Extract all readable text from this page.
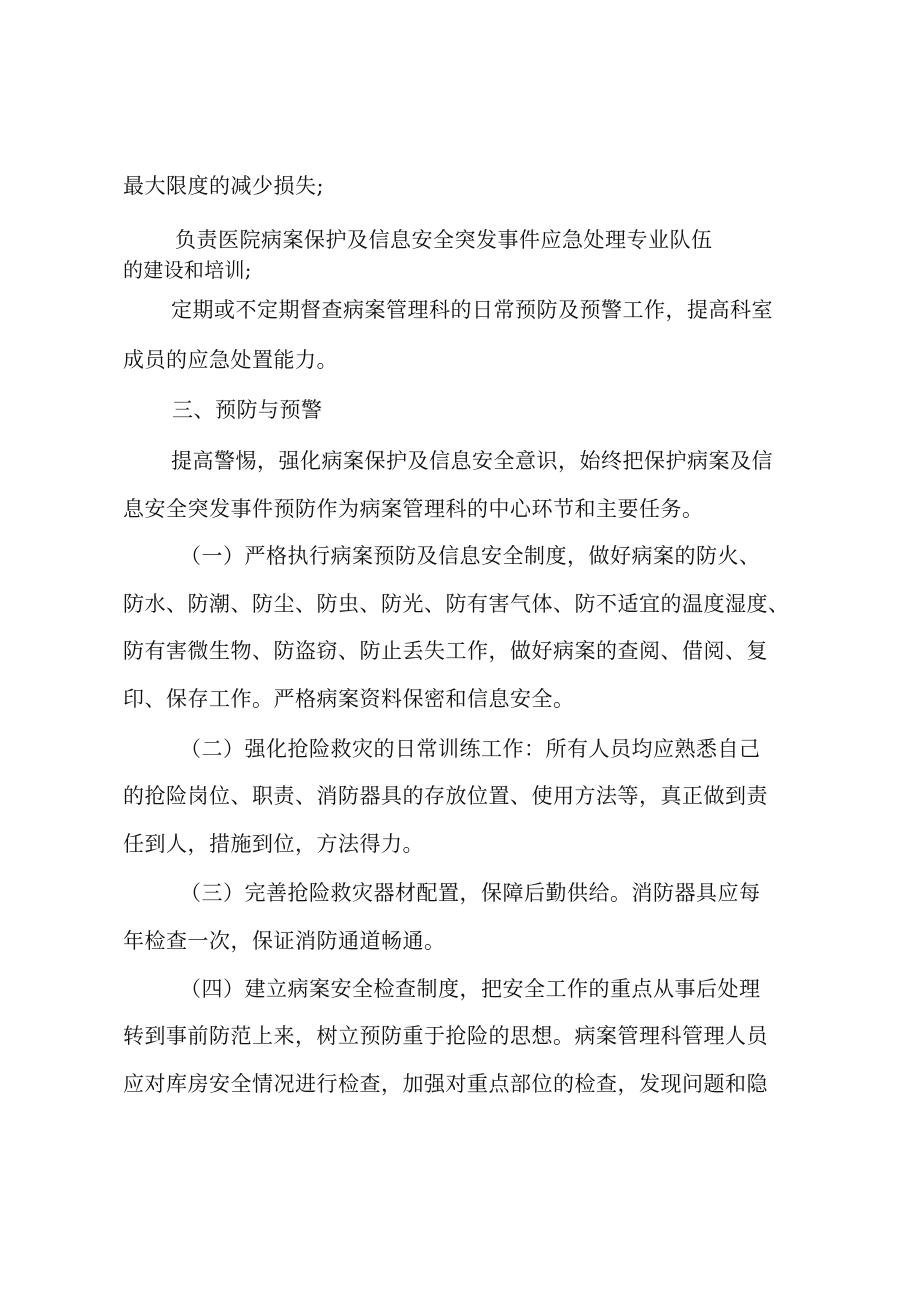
最大限度的减少损失;
负责医院病案保护及信息安全突发事件应急处理专业队伍
的建设和培训;
定期或不定期督查病案管理科的日常预防及预警工作，提高科室
成员的应急处置能力。
三、预防与预警
提高警惕，强化病案保护及信息安全意识，始终把保护病案及信
息安全突发事件预防作为病案管理科的中心环节和主要任务。
（一）严格执行病案预防及信息安全制度，做好病案的防火、
防水、防潮、防尘、防虫、防光、防有害气体、防不适宜的温度湿度、
防有害微生物、防盗窃、防止丢失工作，做好病案的查阅、借阅、复
印、保存工作。严格病案资料保密和信息安全。
（二）强化抢险救灾的日常训练工作：所有人员均应熟悉自己
的抢险岗位、职责、消防器具的存放位置、使用方法等，真正做到责
任到人，措施到位，方法得力。
（三）完善抢险救灾器材配置，保障后勤供给。消防器具应每
年检查一次，保证消防通道畅通。
（四）建立病案安全检查制度，把安全工作的重点从事后处理
转到事前防范上来，树立预防重于抢险的思想。病案管理科管理人员
应对库房安全情况进行检查，加强对重点部位的检查，发现问题和隐
